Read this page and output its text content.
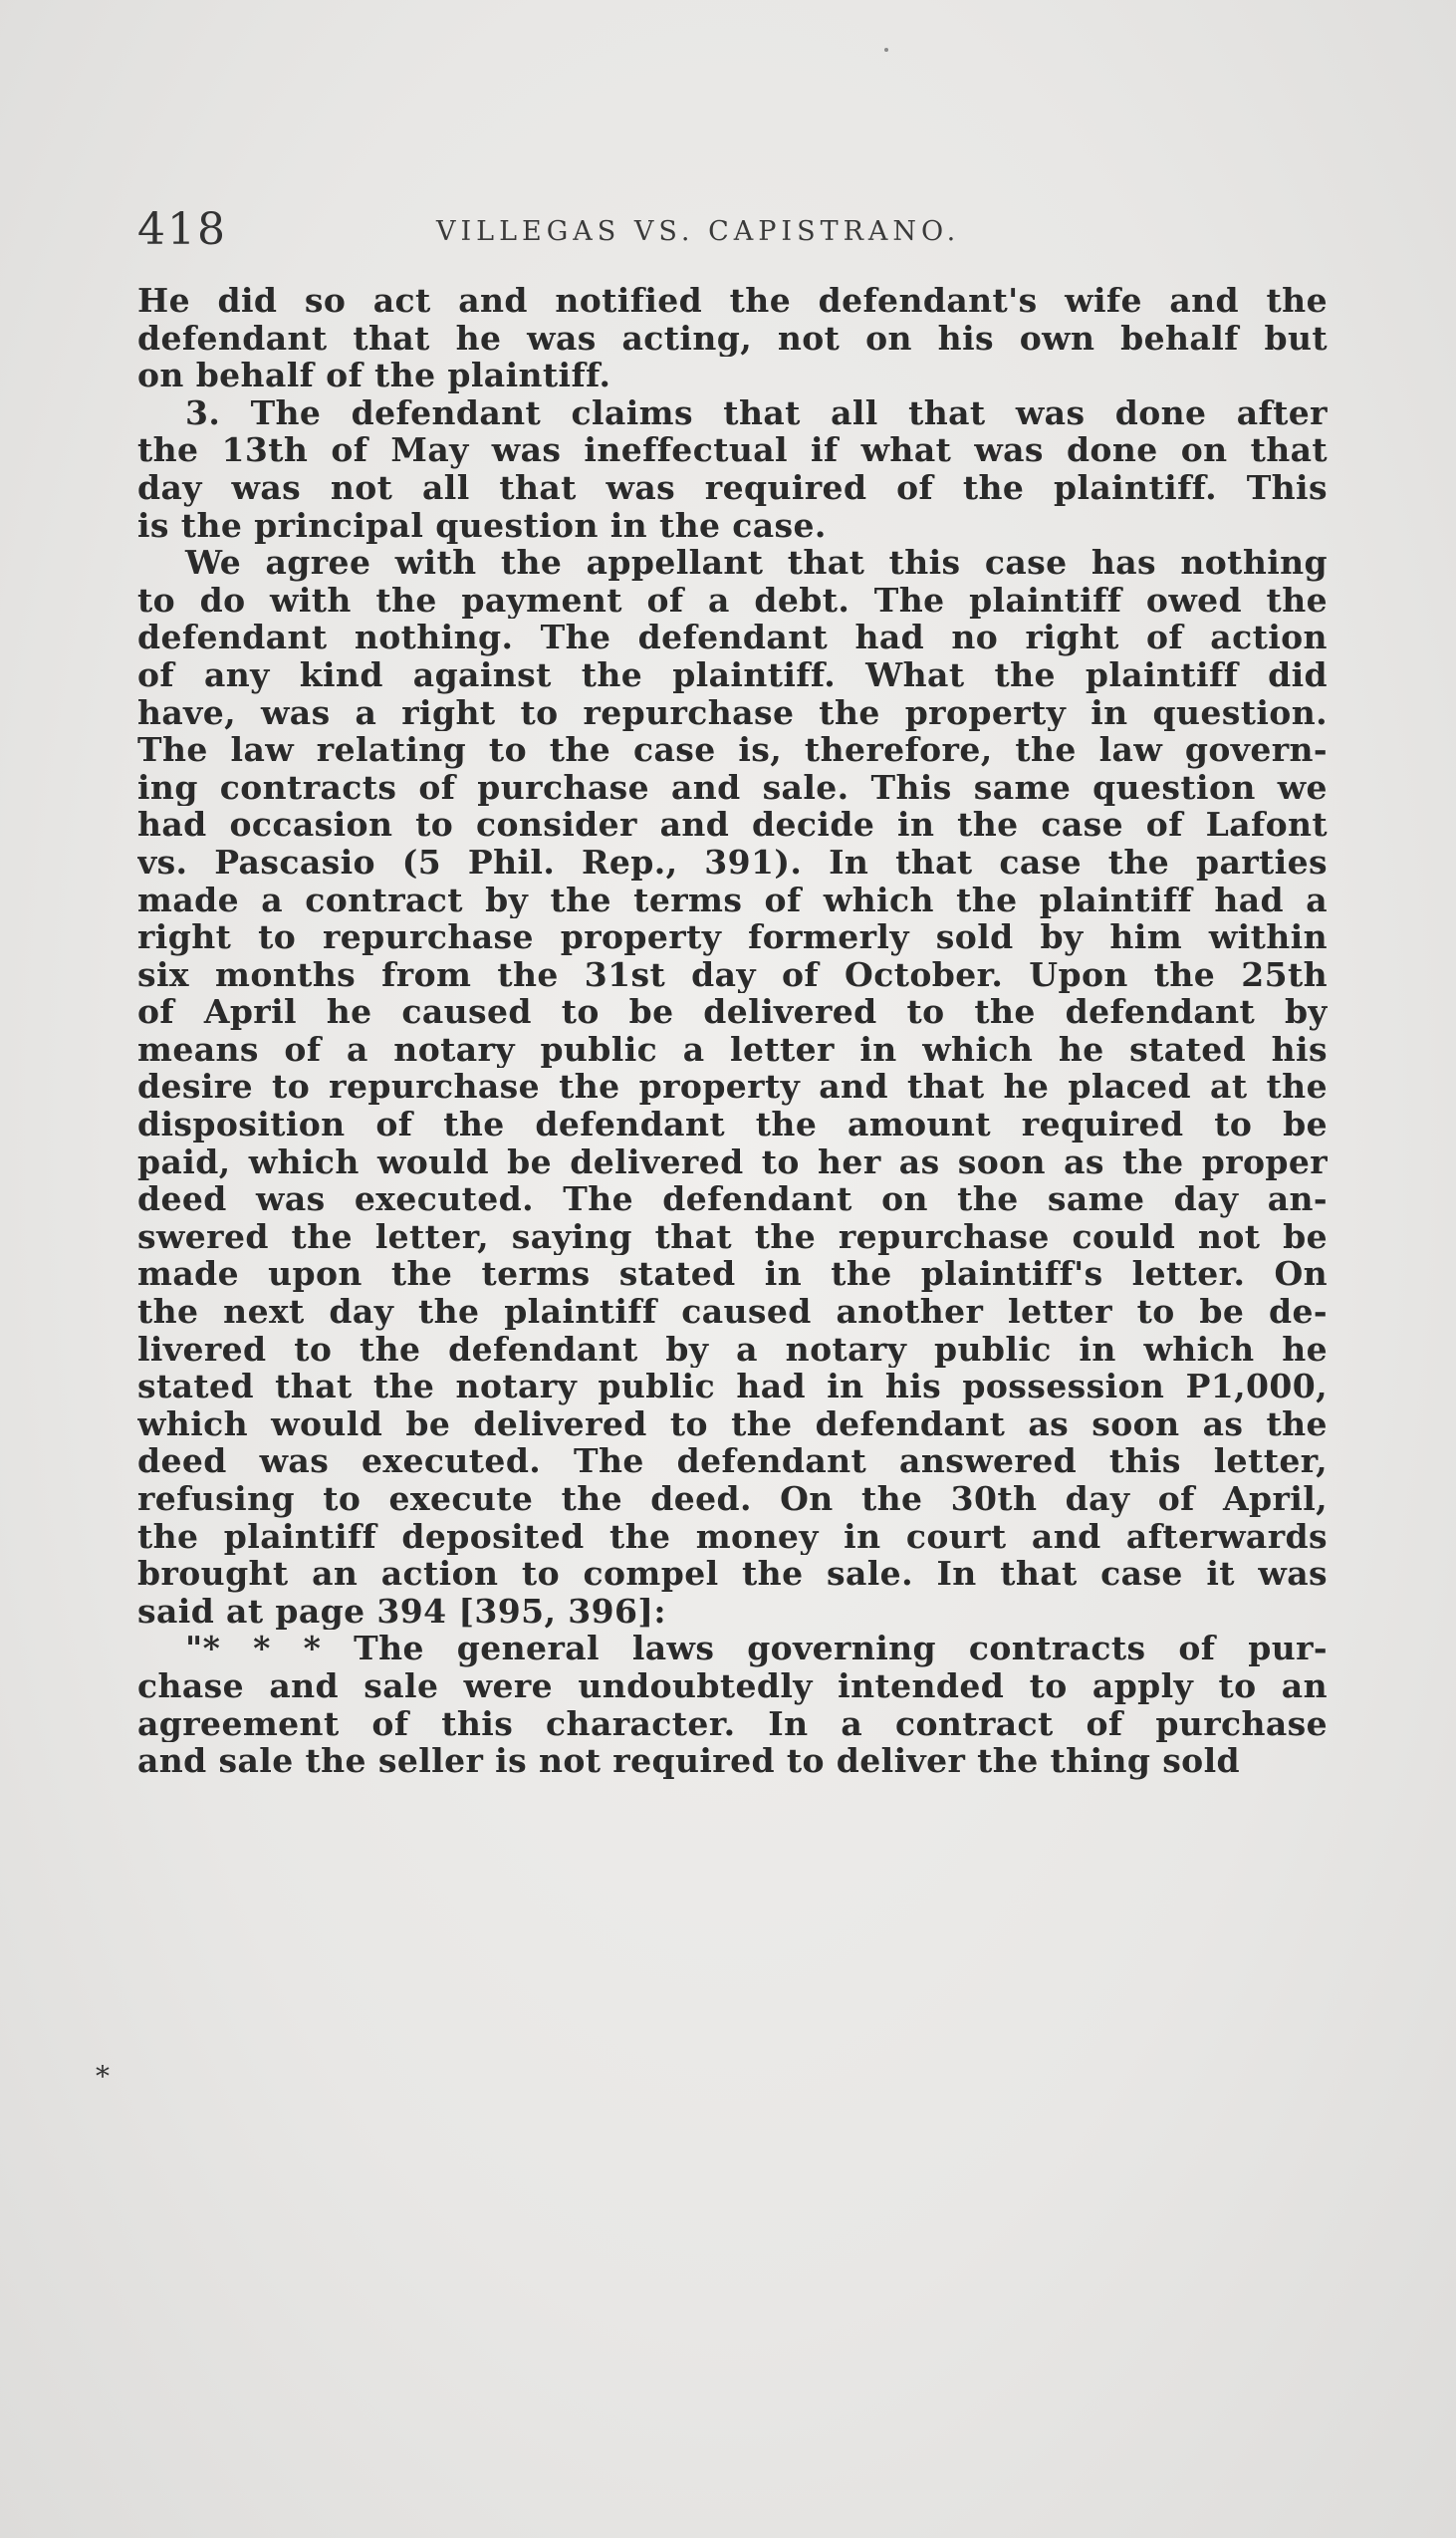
418	VILLEGAS VS. CAPISTRANO.
He did so act and notified the defendant's wife and the
defendant that he was acting, not on his own behalf but
on behalf of the plaintiff.
3. The defendant claims that all that was done after
the 13th of May was ineffectual if what was done on that
day was not all that was required of the plaintiff. This
is the principal question in the case.
We agree with the appellant that this case has nothing
to do with the payment of a debt. The plaintiff owed the
defendant nothing. The defendant had no right of action
of any kind against the plaintiff. What the plaintiff did
have, was a right to repurchase the property in question.
The law relating to the case is, therefore, the law govern-
ing contracts of purchase and sale. This same question we
had occasion to consider and decide in the case of Lafont
vs. Pascasio (5 Phil. Rep., 391). In that case the parties
made a contract by the terms of which the plaintiff had a
right to repurchase property formerly sold by him within
six months from the 31st day of October. Upon the 25th
of April he caused to be delivered to the defendant by
means of a notary public a letter in which he stated his
desire to repurchase the property and that he placed at the
disposition of the defendant the amount required to be
paid, which would be delivered to her as soon as the proper
deed was executed. The defendant on the same day an-
swered the letter, saying that the repurchase could not be
made upon the terms stated in the plaintiff's letter. On
the next day the plaintiff caused another letter to be de-
livered to the defendant by a notary public in which he
stated that the notary public had in his possession P1,000,
which would be delivered to the defendant as soon as the
deed was executed. The defendant answered this letter,
refusing to execute the deed. On the 30th day of April,
the plaintiff deposited the money in court and afterwards
brought an action to compel the sale. In that case it was
said at page 394 [395, 396]:
"* * * The general laws governing contracts of pur-
chase and sale were undoubtedly intended to apply to an
agreement of this character. In a contract of purchase
and sale the seller is not required to deliver the thing sold
*
